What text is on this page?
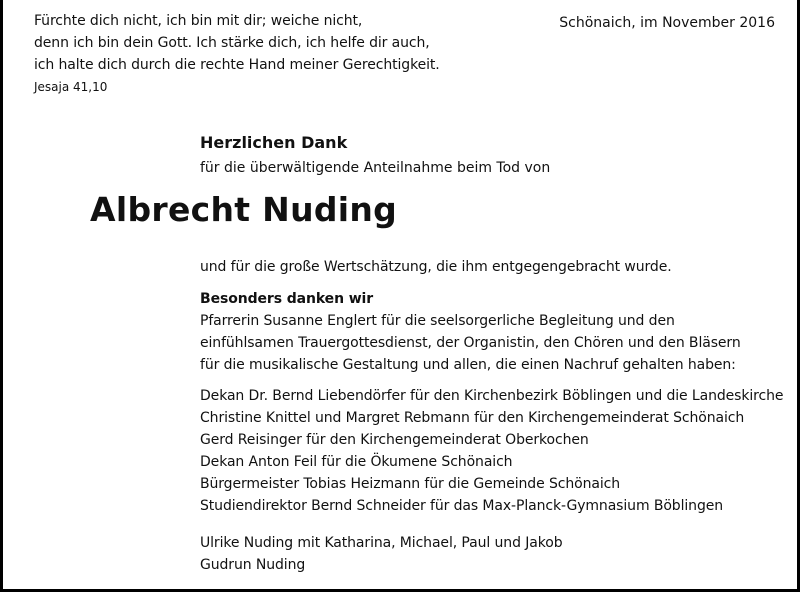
Fürchte dich nicht, ich bin mit dir; weiche nicht,
denn ich bin dein Gott. Ich stärke dich, ich helfe dir auch,
ich halte dich durch die rechte Hand meiner Gerechtigkeit.
Jesaja 41,10
Schönaich, im November 2016
Herzlichen Dank
für die überwältigende Anteilnahme beim Tod von
Albrecht Nuding
und für die große Wertschätzung, die ihm entgegengebracht wurde.
Besonders danken wir
Pfarrerin Susanne Englert für die seelsorgerliche Begleitung und den
einfühlsamen Trauergottesdienst, der Organistin, den Chören und den Bläsern
für die musikalische Gestaltung und allen, die einen Nachruf gehalten haben:
Dekan Dr. Bernd Liebendörfer für den Kirchenbezirk Böblingen und die Landeskirche
Christine Knittel und Margret Rebmann für den Kirchengemeinderat Schönaich
Gerd Reisinger für den Kirchengemeinderat Oberkochen
Dekan Anton Feil für die Ökumene Schönaich
Bürgermeister Tobias Heizmann für die Gemeinde Schönaich
Studiendirektor Bernd Schneider für das Max-Planck-Gymnasium Böblingen
Ulrike Nuding mit Katharina, Michael, Paul und Jakob
Gudrun Nuding
